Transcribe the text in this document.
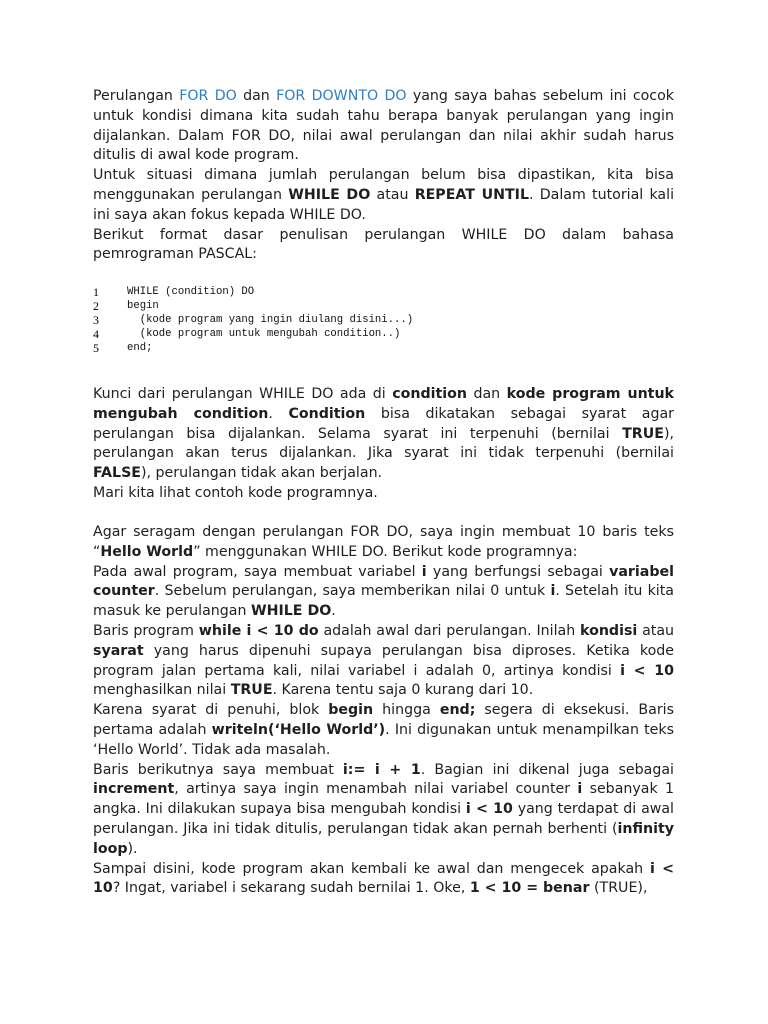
Perulangan FOR DO dan FOR DOWNTO DO yang saya bahas sebelum ini cocok untuk kondisi dimana kita sudah tahu berapa banyak perulangan yang ingin dijalankan. Dalam FOR DO, nilai awal perulangan dan nilai akhir sudah harus ditulis di awal kode program.

Untuk situasi dimana jumlah perulangan belum bisa dipastikan, kita bisa menggunakan perulangan WHILE DO atau REPEAT UNTIL. Dalam tutorial kali ini saya akan fokus kepada WHILE DO.

Berikut format dasar penulisan perulangan WHILE DO dalam bahasa pemrograman PASCAL:

1	WHILE (condition) DO
2	begin
3	(kode program yang ingin diulang disini...)
4	(kode program untuk mengubah condition..)
5	end;

Kunci dari perulangan WHILE DO ada di condition dan kode program untuk mengubah condition. Condition bisa dikatakan sebagai syarat agar perulangan bisa dijalankan. Selama syarat ini terpenuhi (bernilai TRUE), perulangan akan terus dijalankan. Jika syarat ini tidak terpenuhi (bernilai FALSE), perulangan tidak akan berjalan.

Mari kita lihat contoh kode programnya.

Agar seragam dengan perulangan FOR DO, saya ingin membuat 10 baris teks “Hello World” menggunakan WHILE DO. Berikut kode programnya:

Pada awal program, saya membuat variabel i yang berfungsi sebagai variabel counter. Sebelum perulangan, saya memberikan nilai 0 untuk i. Setelah itu kita masuk ke perulangan WHILE DO.

Baris program while i < 10 do adalah awal dari perulangan. Inilah kondisi atau syarat yang harus dipenuhi supaya perulangan bisa diproses. Ketika kode program jalan pertama kali, nilai variabel i adalah 0, artinya kondisi i < 10 menghasilkan nilai TRUE. Karena tentu saja 0 kurang dari 10.

Karena syarat di penuhi, blok begin hingga end; segera di eksekusi. Baris pertama adalah writeln(‘Hello World’). Ini digunakan untuk menampilkan teks ‘Hello World’. Tidak ada masalah.

Baris berikutnya saya membuat i:= i + 1. Bagian ini dikenal juga sebagai increment, artinya saya ingin menambah nilai variabel counter i sebanyak 1 angka. Ini dilakukan supaya bisa mengubah kondisi i < 10 yang terdapat di awal perulangan. Jika ini tidak ditulis, perulangan tidak akan pernah berhenti (infinity loop).

Sampai disini, kode program akan kembali ke awal dan mengecek apakah i < 10? Ingat, variabel i sekarang sudah bernilai 1. Oke, 1 < 10 = benar (TRUE),
